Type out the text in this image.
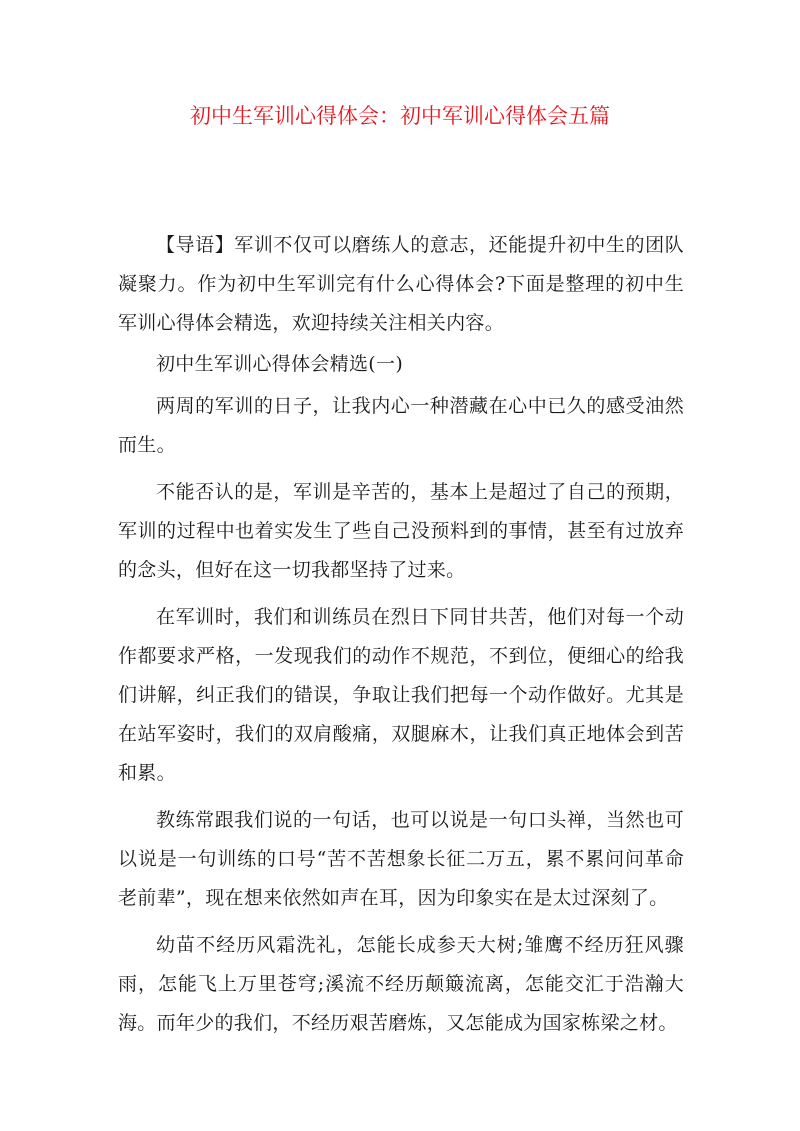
初中生军训心得体会：初中军训心得体会五篇

【导语】军训不仅可以磨练人的意志，还能提升初中生的团队凝聚力。作为初中生军训完有什么心得体会?下面是整理的初中生军训心得体会精选，欢迎持续关注相关内容。

初中生军训心得体会精选(一)

两周的军训的日子，让我内心一种潜藏在心中已久的感受油然而生。

不能否认的是，军训是辛苦的，基本上是超过了自己的预期，军训的过程中也着实发生了些自己没预料到的事情，甚至有过放弃的念头，但好在这一切我都坚持了过来。

在军训时，我们和训练员在烈日下同甘共苦，他们对每一个动作都要求严格，一发现我们的动作不规范，不到位，便细心的给我们讲解，纠正我们的错误，争取让我们把每一个动作做好。尤其是在站军姿时，我们的双肩酸痛，双腿麻木，让我们真正地体会到苦和累。

教练常跟我们说的一句话，也可以说是一句口头禅，当然也可以说是一句训练的口号“苦不苦想象长征二万五，累不累问问革命老前辈”，现在想来依然如声在耳，因为印象实在是太过深刻了。

幼苗不经历风霜洗礼，怎能长成参天大树;雏鹰不经历狂风骤雨，怎能飞上万里苍穹;溪流不经历颠簸流离，怎能交汇于浩瀚大海。而年少的我们，不经历艰苦磨炼，又怎能成为国家栋梁之材。
